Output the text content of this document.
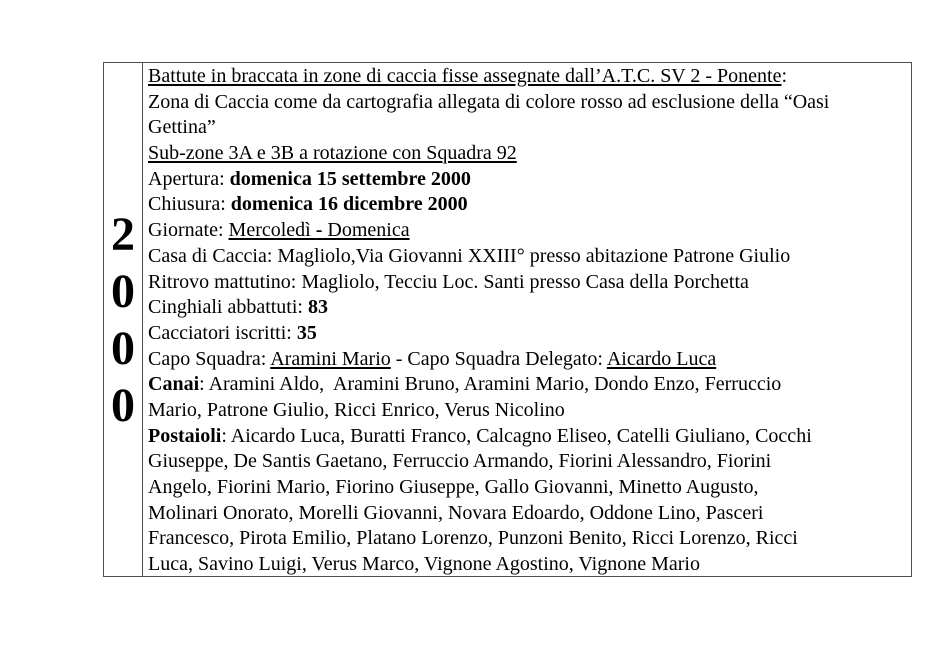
2
0
0
0
Battute in braccata in zone di caccia fisse assegnate dall’A.T.C. SV 2 - Ponente:
Zona di Caccia come da cartografia allegata di colore rosso ad esclusione della “Oasi
Gettina”
Sub-zone 3A e 3B a rotazione con Squadra 92
Apertura: domenica 15 settembre 2000
Chiusura: domenica 16 dicembre 2000
Giornate: Mercoledì - Domenica
Casa di Caccia: Magliolo,Via Giovanni XXIII° presso abitazione Patrone Giulio
Ritrovo mattutino: Magliolo, Tecciu Loc. Santi presso Casa della Porchetta
Cinghiali abbattuti: 83
Cacciatori iscritti: 35
Capo Squadra: Aramini Mario - Capo Squadra Delegato: Aicardo Luca
Canai: Aramini Aldo,  Aramini Bruno, Aramini Mario, Dondo Enzo, Ferruccio
Mario, Patrone Giulio, Ricci Enrico, Verus Nicolino
Postaioli: Aicardo Luca, Buratti Franco, Calcagno Eliseo, Catelli Giuliano, Cocchi
Giuseppe, De Santis Gaetano, Ferruccio Armando, Fiorini Alessandro, Fiorini
Angelo, Fiorini Mario, Fiorino Giuseppe, Gallo Giovanni, Minetto Augusto,
Molinari Onorato, Morelli Giovanni, Novara Edoardo, Oddone Lino, Pasceri
Francesco, Pirota Emilio, Platano Lorenzo, Punzoni Benito, Ricci Lorenzo, Ricci
Luca, Savino Luigi, Verus Marco, Vignone Agostino, Vignone Mario
